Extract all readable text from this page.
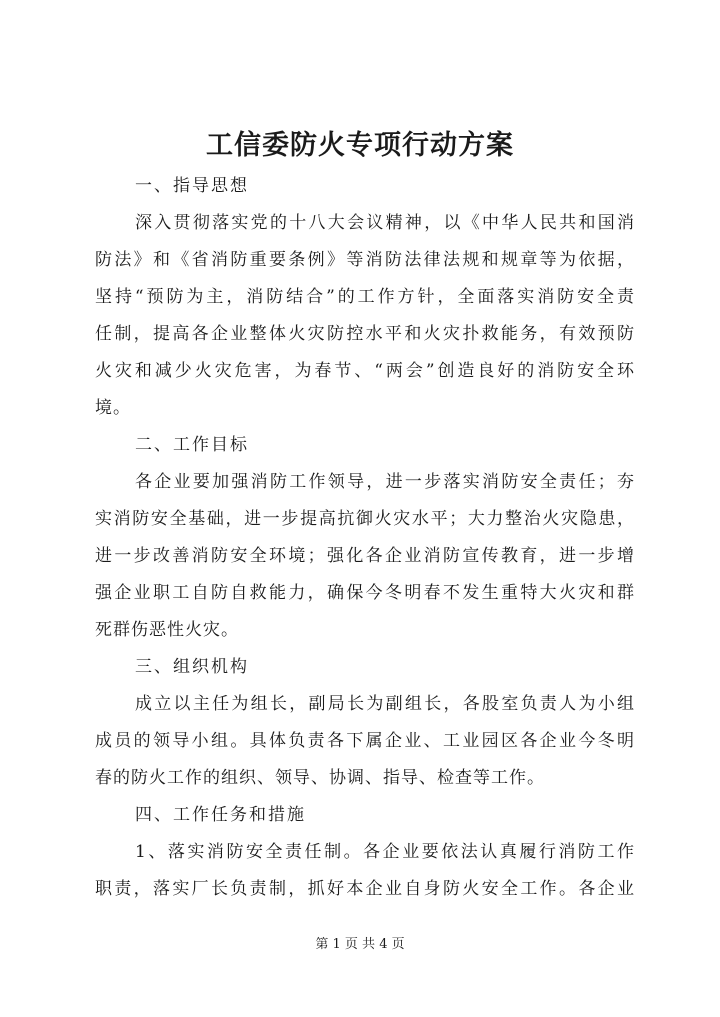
工信委防火专项行动方案

一、指导思想

深入贯彻落实党的十八大会议精神，以《中华人民共和国消
防法》和《省消防重要条例》等消防法律法规和规章等为依据，
坚持“预防为主，消防结合”的工作方针，全面落实消防安全责
任制，提高各企业整体火灾防控水平和火灾扑救能务，有效预防
火灾和减少火灾危害，为春节、“两会”创造良好的消防安全环
境。

二、工作目标

各企业要加强消防工作领导，进一步落实消防安全责任；夯
实消防安全基础，进一步提高抗御火灾水平；大力整治火灾隐患，
进一步改善消防安全环境；强化各企业消防宣传教育，进一步增
强企业职工自防自救能力，确保今冬明春不发生重特大火灾和群
死群伤恶性火灾。

三、组织机构

成立以主任为组长，副局长为副组长，各股室负责人为小组
成员的领导小组。具体负责各下属企业、工业园区各企业今冬明
春的防火工作的组织、领导、协调、指导、检查等工作。

四、工作任务和措施

1、落实消防安全责任制。各企业要依法认真履行消防工作
职责，落实厂长负责制，抓好本企业自身防火安全工作。各企业

第 1 页 共 4 页
